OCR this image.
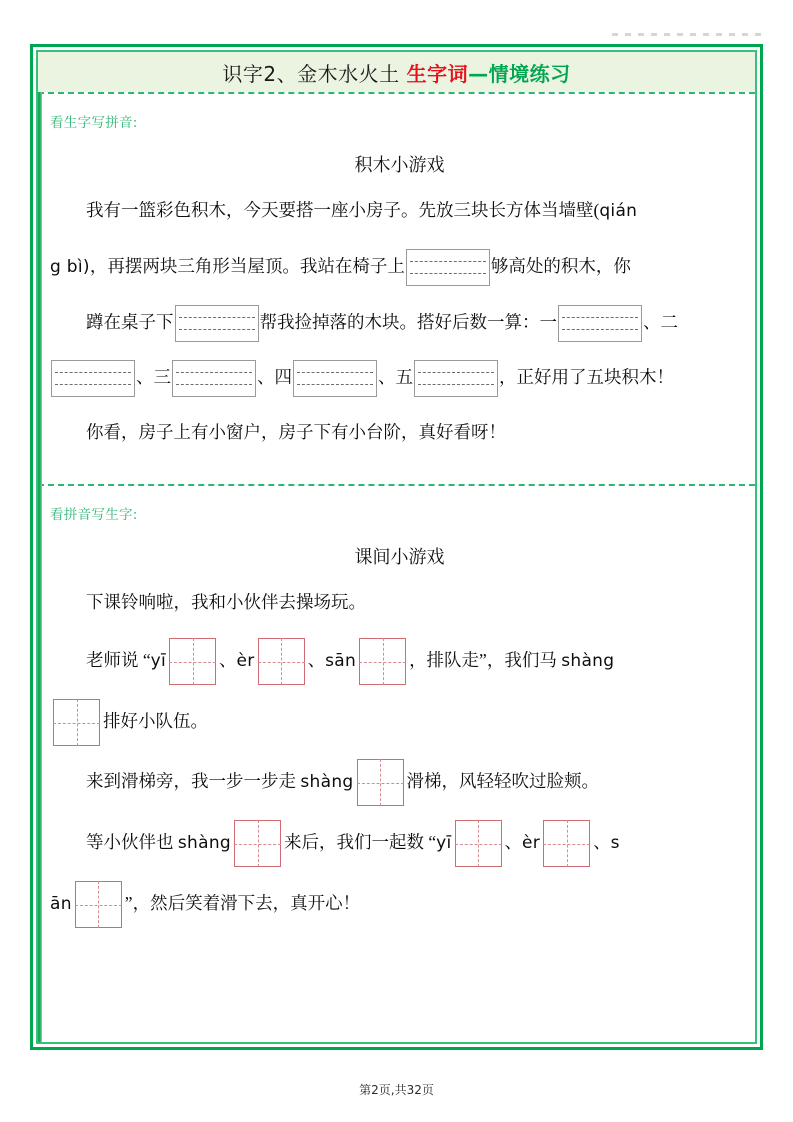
识字2、金木水火土 生字词—情境练习
看生字写拼音:
积木小游戏
我有一篮彩色积木，今天要搭一座小房子。先放三块长方体当墙壁(qián
g bì)，再摆两块三角形当屋顶。我站在椅子上	够高处的积木，你
蹲在桌子下	帮我捡掉落的木块。搭好后数一算：一	、二
、三	、四	、五	，正好用了五块积木！
你看，房子上有小窗户，房子下有小台阶，真好看呀！
看拼音写生字:
课间小游戏
下课铃响啦，我和小伙伴去操场玩。
老师说 “yī	、èr	、sān	，排队走”，我们马 shàng
排好小队伍。
来到滑梯旁，我一步一步走 shàng	滑梯，风轻轻吹过脸颊。
等小伙伴也 shàng	来后，我们一起数 “yī	、èr	、s
ān	”，然后笑着滑下去，真开心！
第2页,共32页
